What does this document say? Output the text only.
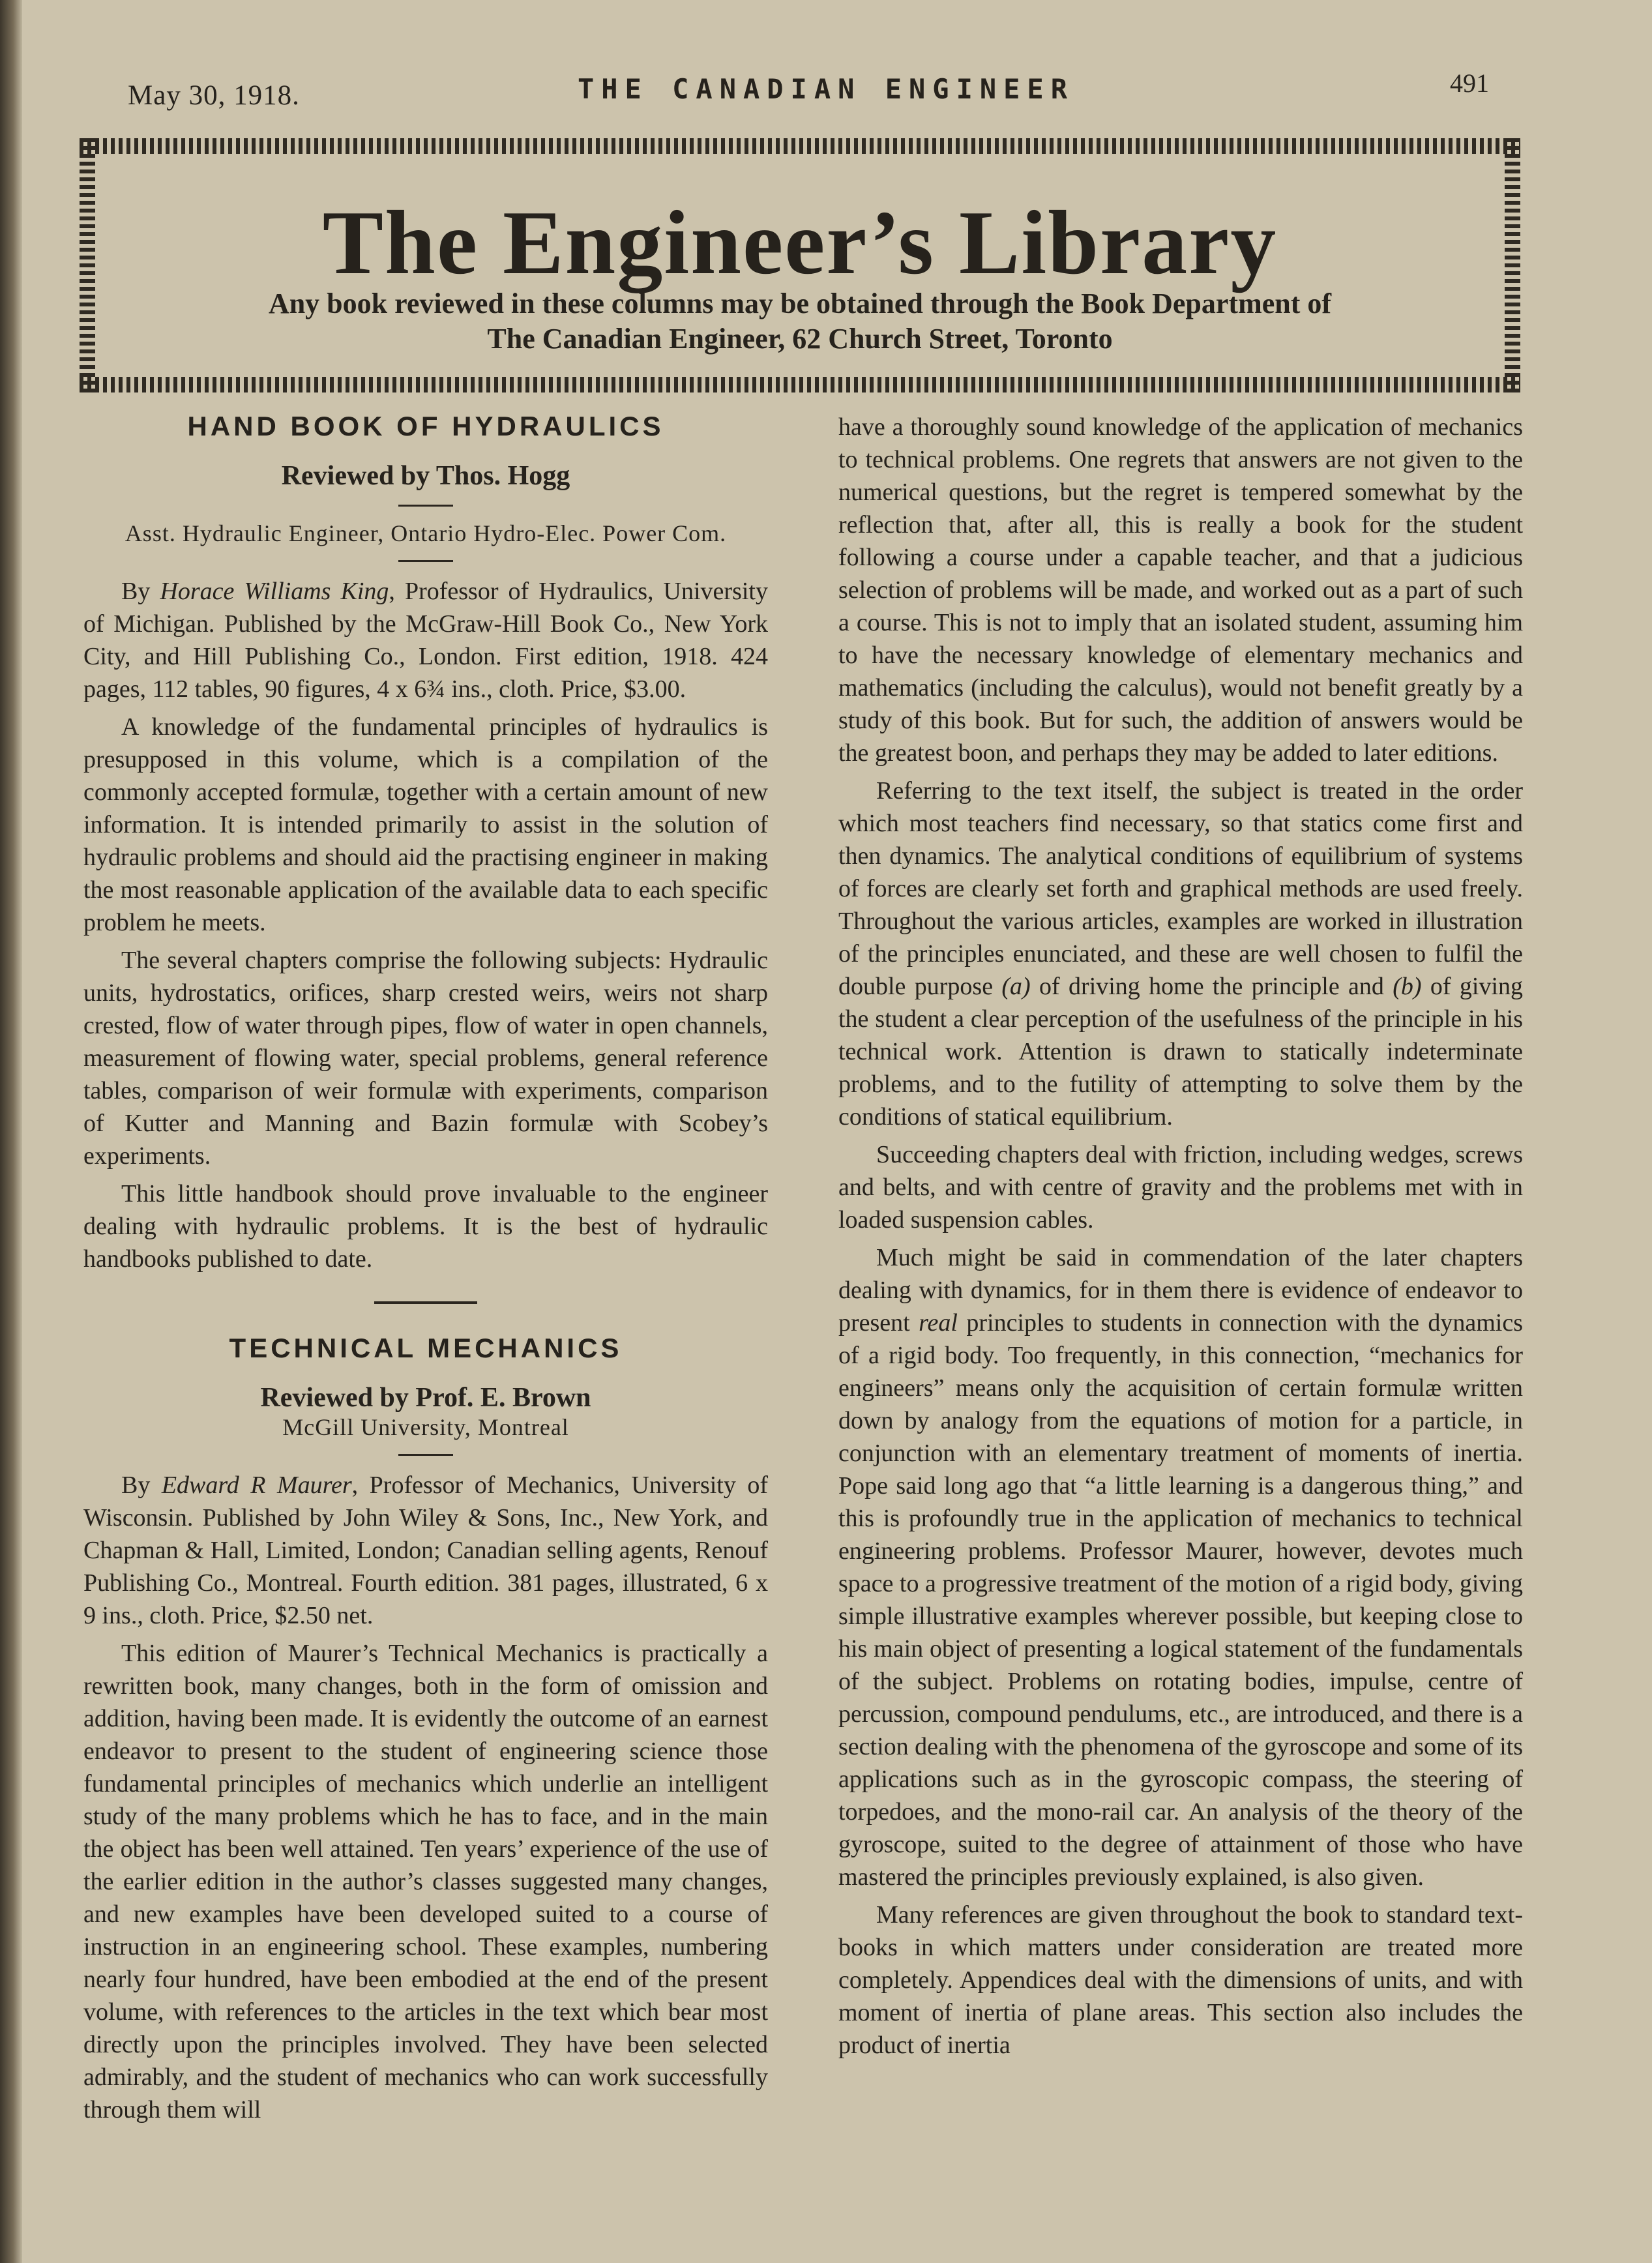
May 30, 1918.	THE CANADIAN ENGINEER	491
The Engineer’s Library
Any book reviewed in these columns may be obtained through the Book Department of
The Canadian Engineer, 62 Church Street, Toronto
HAND BOOK OF HYDRAULICS
Reviewed by Thos. Hogg
Asst. Hydraulic Engineer, Ontario Hydro-Elec. Power Com.

By Horace Williams King, Professor of Hydraulics, University of Michigan. Published by the McGraw-Hill Book Co., New York City, and Hill Publishing Co., London. First edition, 1918. 424 pages, 112 tables, 90 figures, 4 x 6¾ ins., cloth. Price, $3.00.

A knowledge of the fundamental principles of hydraulics is presupposed in this volume, which is a compilation of the commonly accepted formulæ, together with a certain amount of new information. It is intended primarily to assist in the solution of hydraulic problems and should aid the practising engineer in making the most reasonable application of the available data to each specific problem he meets.

The several chapters comprise the following subjects: Hydraulic units, hydrostatics, orifices, sharp crested weirs, weirs not sharp crested, flow of water through pipes, flow of water in open channels, measurement of flowing water, special problems, general reference tables, comparison of weir formulæ with experiments, comparison of Kutter and Manning and Bazin formulæ with Scobey’s experiments.

This little handbook should prove invaluable to the engineer dealing with hydraulic problems. It is the best of hydraulic handbooks published to date.

TECHNICAL MECHANICS
Reviewed by Prof. E. Brown
McGill University, Montreal

By Edward R Maurer, Professor of Mechanics, University of Wisconsin. Published by John Wiley & Sons, Inc., New York, and Chapman & Hall, Limited, London; Canadian selling agents, Renouf Publishing Co., Montreal. Fourth edition. 381 pages, illustrated, 6 x 9 ins., cloth. Price, $2.50 net.

This edition of Maurer’s Technical Mechanics is practically a rewritten book, many changes, both in the form of omission and addition, having been made. It is evidently the outcome of an earnest endeavor to present to the student of engineering science those fundamental principles of mechanics which underlie an intelligent study of the many problems which he has to face, and in the main the object has been well attained. Ten years’ experience of the use of the earlier edition in the author’s classes suggested many changes, and new examples have been developed suited to a course of instruction in an engineering school. These examples, numbering nearly four hundred, have been embodied at the end of the present volume, with references to the articles in the text which bear most directly upon the principles involved. They have been selected admirably, and the student of mechanics who can work successfully through them will

have a thoroughly sound knowledge of the application of mechanics to technical problems. One regrets that answers are not given to the numerical questions, but the regret is tempered somewhat by the reflection that, after all, this is really a book for the student following a course under a capable teacher, and that a judicious selection of problems will be made, and worked out as a part of such a course. This is not to imply that an isolated student, assuming him to have the necessary knowledge of elementary mechanics and mathematics (including the calculus), would not benefit greatly by a study of this book. But for such, the addition of answers would be the greatest boon, and perhaps they may be added to later editions.

Referring to the text itself, the subject is treated in the order which most teachers find necessary, so that statics come first and then dynamics. The analytical conditions of equilibrium of systems of forces are clearly set forth and graphical methods are used freely. Throughout the various articles, examples are worked in illustration of the principles enunciated, and these are well chosen to fulfil the double purpose (a) of driving home the principle and (b) of giving the student a clear perception of the usefulness of the principle in his technical work. Attention is drawn to statically indeterminate problems, and to the futility of attempting to solve them by the conditions of statical equilibrium.

Succeeding chapters deal with friction, including wedges, screws and belts, and with centre of gravity and the problems met with in loaded suspension cables.

Much might be said in commendation of the later chapters dealing with dynamics, for in them there is evidence of endeavor to present real principles to students in connection with the dynamics of a rigid body. Too frequently, in this connection, “mechanics for engineers” means only the acquisition of certain formulæ written down by analogy from the equations of motion for a particle, in conjunction with an elementary treatment of moments of inertia. Pope said long ago that “a little learning is a dangerous thing,” and this is profoundly true in the application of mechanics to technical engineering problems. Professor Maurer, however, devotes much space to a progressive treatment of the motion of a rigid body, giving simple illustrative examples wherever possible, but keeping close to his main object of presenting a logical statement of the fundamentals of the subject. Problems on rotating bodies, impulse, centre of percussion, compound pendulums, etc., are introduced, and there is a section dealing with the phenomena of the gyroscope and some of its applications such as in the gyroscopic compass, the steering of torpedoes, and the mono-rail car. An analysis of the theory of the gyroscope, suited to the degree of attainment of those who have mastered the principles previously explained, is also given.

Many references are given throughout the book to standard text-books in which matters under consideration are treated more completely. Appendices deal with the dimensions of units, and with moment of inertia of plane areas. This section also includes the product of inertia
